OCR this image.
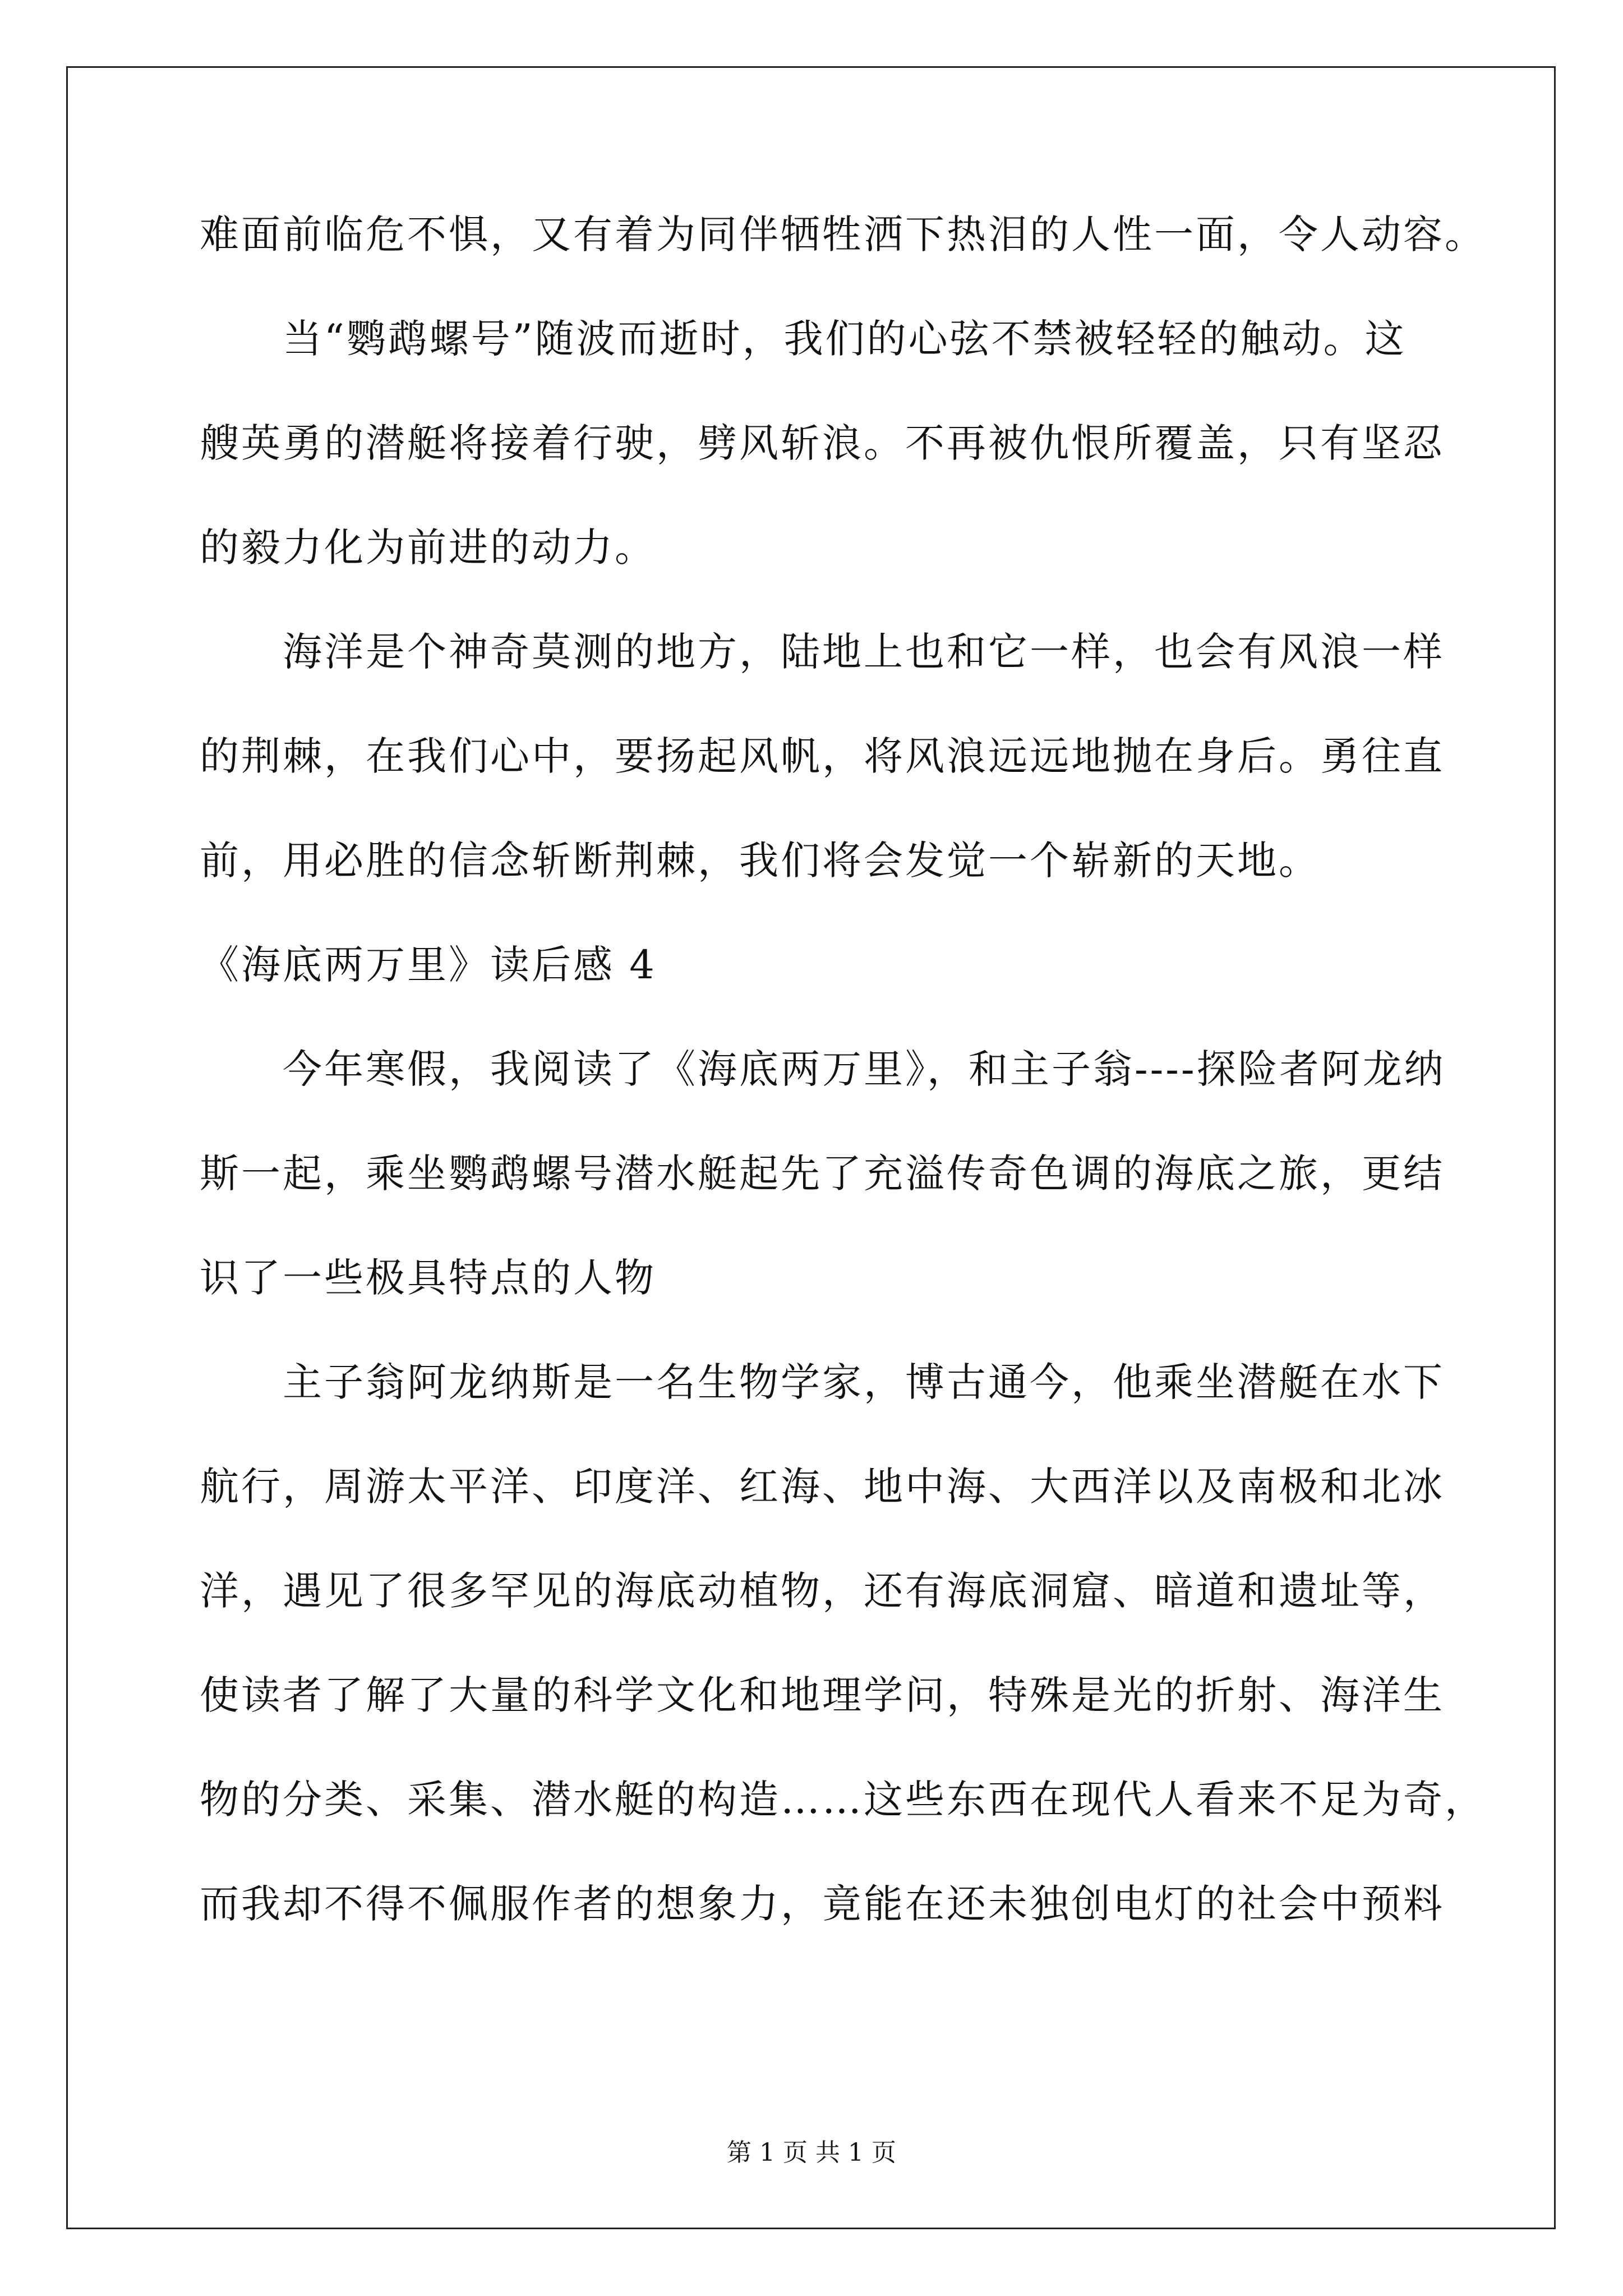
难面前临危不惧，又有着为同伴牺牲洒下热泪的人性一面，令人动容。
当“鹦鹉螺号”随波而逝时，我们的心弦不禁被轻轻的触动。这
艘英勇的潜艇将接着行驶，劈风斩浪。不再被仇恨所覆盖，只有坚忍
的毅力化为前进的动力。
海洋是个神奇莫测的地方，陆地上也和它一样，也会有风浪一样
的荆棘，在我们心中，要扬起风帆，将风浪远远地抛在身后。勇往直
前，用必胜的信念斩断荆棘，我们将会发觉一个崭新的天地。
《海底两万里》读后感 4
今年寒假，我阅读了《海底两万里》，和主子翁----探险者阿龙纳
斯一起，乘坐鹦鹉螺号潜水艇起先了充溢传奇色调的海底之旅，更结
识了一些极具特点的人物
主子翁阿龙纳斯是一名生物学家，博古通今，他乘坐潜艇在水下
航行，周游太平洋、印度洋、红海、地中海、大西洋以及南极和北冰
洋，遇见了很多罕见的海底动植物，还有海底洞窟、暗道和遗址等，
使读者了解了大量的科学文化和地理学问，特殊是光的折射、海洋生
物的分类、采集、潜水艇的构造……这些东西在现代人看来不足为奇，
而我却不得不佩服作者的想象力，竟能在还未独创电灯的社会中预料
第 1 页 共 1 页
